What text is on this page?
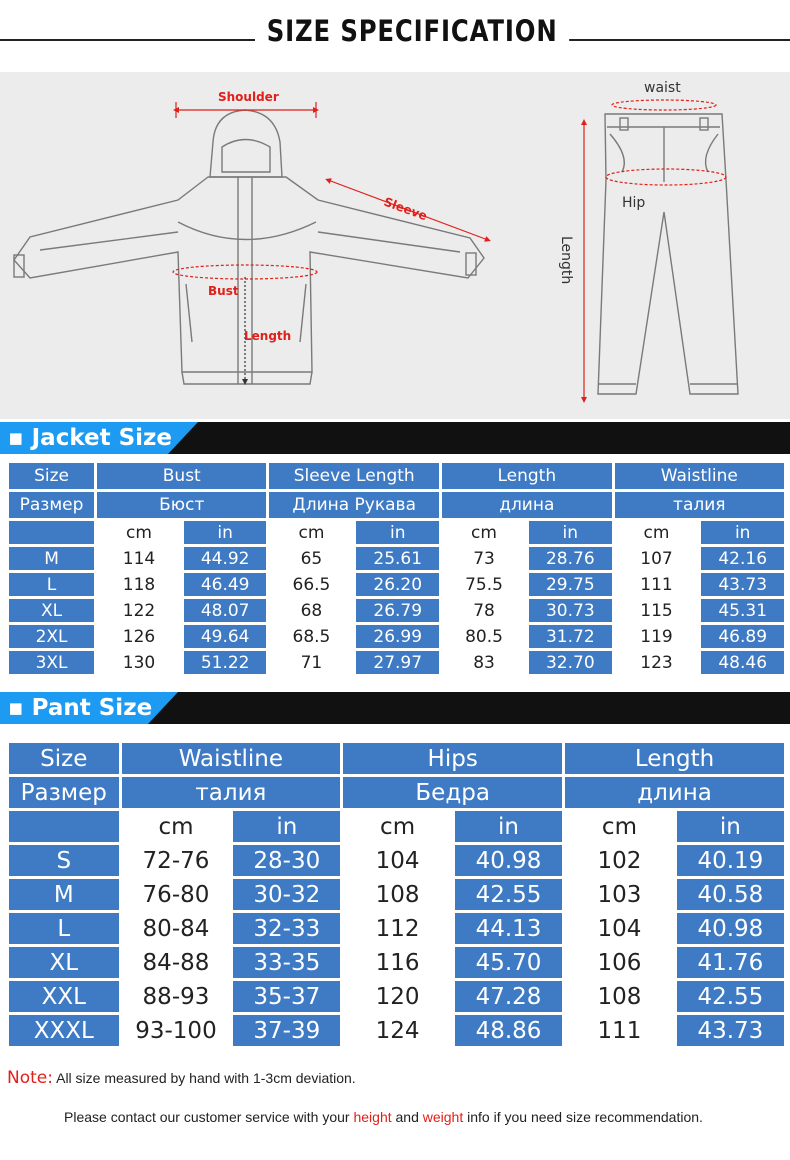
SIZE SPECIFICATION
Shoulder
Sleeve
Bust
Length
waist
Hip
Length
▪ Jacket Size
Size	Bust		Sleeve Length		Length		Waistline	
Размер	Бюст		Длина Рукава		длина		талия	
	cm	in	cm	in	cm	in	cm	in
M	114	44.92	65	25.61	73	28.76	107	42.16
L	118	46.49	66.5	26.20	75.5	29.75	111	43.73
XL	122	48.07	68	26.79	78	30.73	115	45.31
2XL	126	49.64	68.5	26.99	80.5	31.72	119	46.89
3XL	130	51.22	71	27.97	83	32.70	123	48.46
▪ Pant Size
Size	Waistline		Hips		Length	
Размер	талия		Бедра		длина	
	cm	in	cm	in	cm	in
S	72-76	28-30	104	40.98	102	40.19
M	76-80	30-32	108	42.55	103	40.58
L	80-84	32-33	112	44.13	104	40.98
XL	84-88	33-35	116	45.70	106	41.76
XXL	88-93	35-37	120	47.28	108	42.55
XXXL	93-100	37-39	124	48.86	111	43.73
Note: All size measured by hand with 1-3cm deviation.
Please contact our customer service with your height and weight info if you need size recommendation.
